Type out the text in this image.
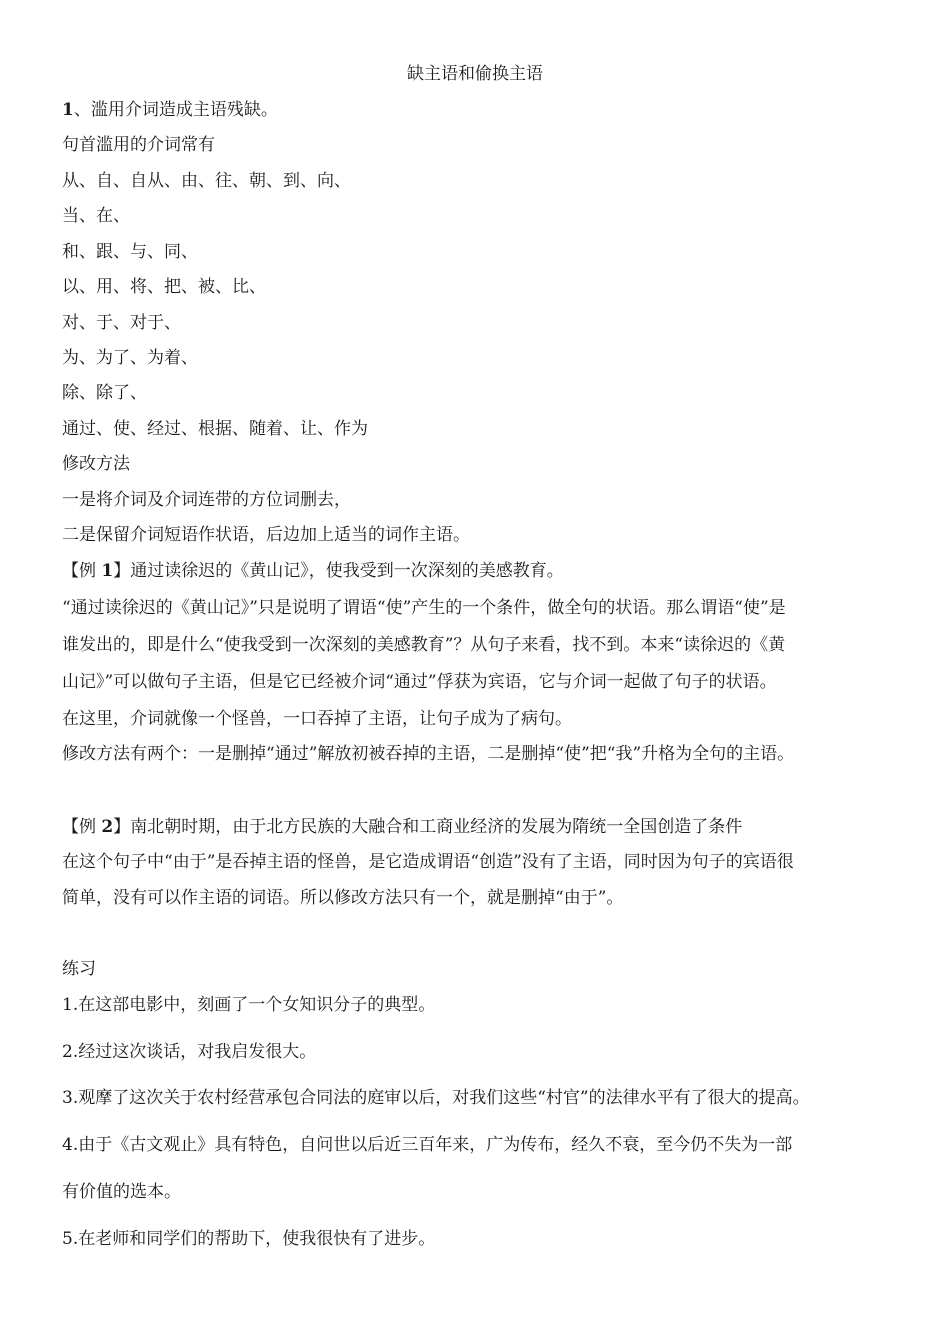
缺主语和偷换主语
1、滥用介词造成主语残缺。
句首滥用的介词常有
从、自、自从、由、往、朝、到、向、
当、在、
和、跟、与、同、
以、用、将、把、被、比、
对、于、对于、
为、为了、为着、
除、除了、
通过、使、经过、根据、随着、让、作为
修改方法
一是将介词及介词连带的方位词删去，
二是保留介词短语作状语，后边加上适当的词作主语。
【例 1】通过读徐迟的《黄山记》，使我受到一次深刻的美感教育。
“通过读徐迟的《黄山记》”只是说明了谓语“使”产生的一个条件，做全句的状语。那么谓语“使”是
谁发出的，即是什么“使我受到一次深刻的美感教育”？从句子来看，找不到。本来“读徐迟的《黄
山记》”可以做句子主语，但是它已经被介词“通过”俘获为宾语，它与介词一起做了句子的状语。
在这里，介词就像一个怪兽，一口吞掉了主语，让句子成为了病句。
修改方法有两个：一是删掉“通过”解放初被吞掉的主语，二是删掉“使”把“我”升格为全句的主语。
【例 2】南北朝时期，由于北方民族的大融合和工商业经济的发展为隋统一全国创造了条件
在这个句子中“由于”是吞掉主语的怪兽，是它造成谓语“创造”没有了主语，同时因为句子的宾语很
简单，没有可以作主语的词语。所以修改方法只有一个，就是删掉“由于”。
练习
1.在这部电影中，刻画了一个女知识分子的典型。
2.经过这次谈话，对我启发很大。
3.观摩了这次关于农村经营承包合同法的庭审以后，对我们这些“村官”的法律水平有了很大的提高。
4.由于《古文观止》具有特色，自问世以后近三百年来，广为传布，经久不衰，至今仍不失为一部
有价值的选本。
5.在老师和同学们的帮助下，使我很快有了进步。
